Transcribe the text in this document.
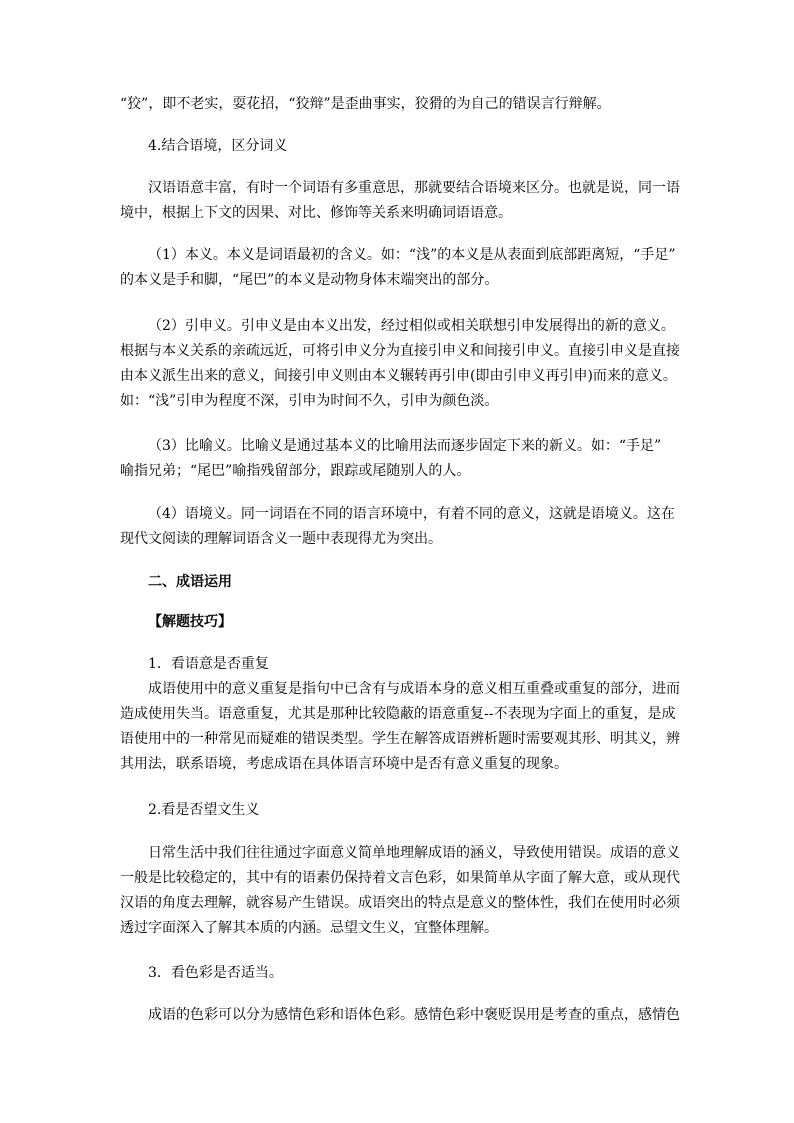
“狡”，即不老实，耍花招，“狡辩”是歪曲事实，狡猾的为自己的错误言行辩解。

4.结合语境，区分词义

汉语语意丰富，有时一个词语有多重意思，那就要结合语境来区分。也就是说，同一语
境中，根据上下文的因果、对比、修饰等关系来明确词语语意。

（1）本义。本义是词语最初的含义。如：“浅”的本义是从表面到底部距离短，“手足”
的本义是手和脚，“尾巴”的本义是动物身体末端突出的部分。

（2）引申义。引申义是由本义出发，经过相似或相关联想引申发展得出的新的意义。
根据与本义关系的亲疏远近，可将引申义分为直接引申义和间接引申义。直接引申义是直接
由本义派生出来的意义，间接引申义则由本义辗转再引申(即由引申义再引申)而来的意义。
如：“浅”引申为程度不深，引申为时间不久，引申为颜色淡。

（3）比喻义。比喻义是通过基本义的比喻用法而逐步固定下来的新义。如：“手足”
喻指兄弟；“尾巴”喻指残留部分，跟踪或尾随别人的人。

（4）语境义。同一词语在不同的语言环境中，有着不同的意义，这就是语境义。这在
现代文阅读的理解词语含义一题中表现得尤为突出。

二、成语运用

【解题技巧】

1．看语意是否重复

成语使用中的意义重复是指句中已含有与成语本身的意义相互重叠或重复的部分，进而
造成使用失当。语意重复，尤其是那种比较隐蔽的语意重复--不表现为字面上的重复，是成
语使用中的一种常见而疑难的错误类型。学生在解答成语辨析题时需要观其形、明其义，辨
其用法，联系语境，考虑成语在具体语言环境中是否有意义重复的现象。

2.看是否望文生义

日常生活中我们往往通过字面意义简单地理解成语的涵义，导致使用错误。成语的意义
一般是比较稳定的，其中有的语素仍保持着文言色彩，如果简单从字面了解大意，或从现代
汉语的角度去理解，就容易产生错误。成语突出的特点是意义的整体性，我们在使用时必须
透过字面深入了解其本质的内涵。忌望文生义，宜整体理解。

3．看色彩是否适当。

成语的色彩可以分为感情色彩和语体色彩。感情色彩中褒贬误用是考查的重点，感情色
